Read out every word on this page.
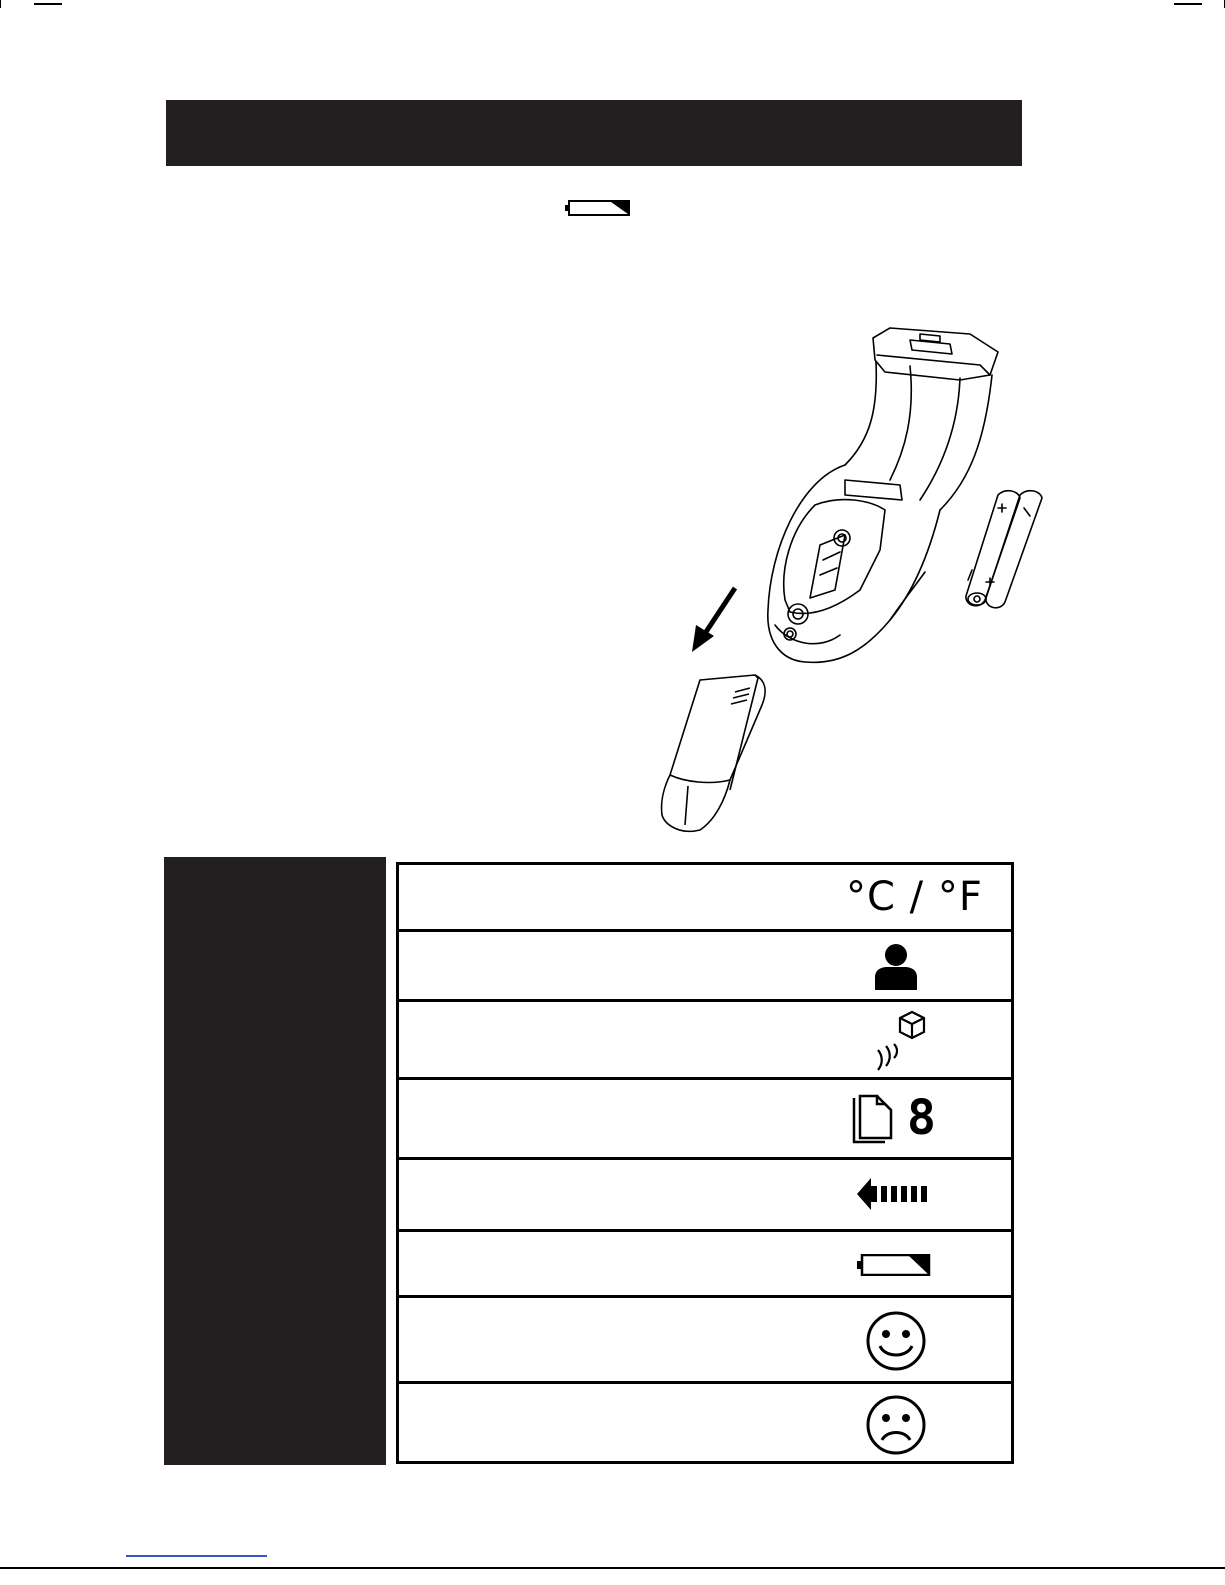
°C / °F
8
